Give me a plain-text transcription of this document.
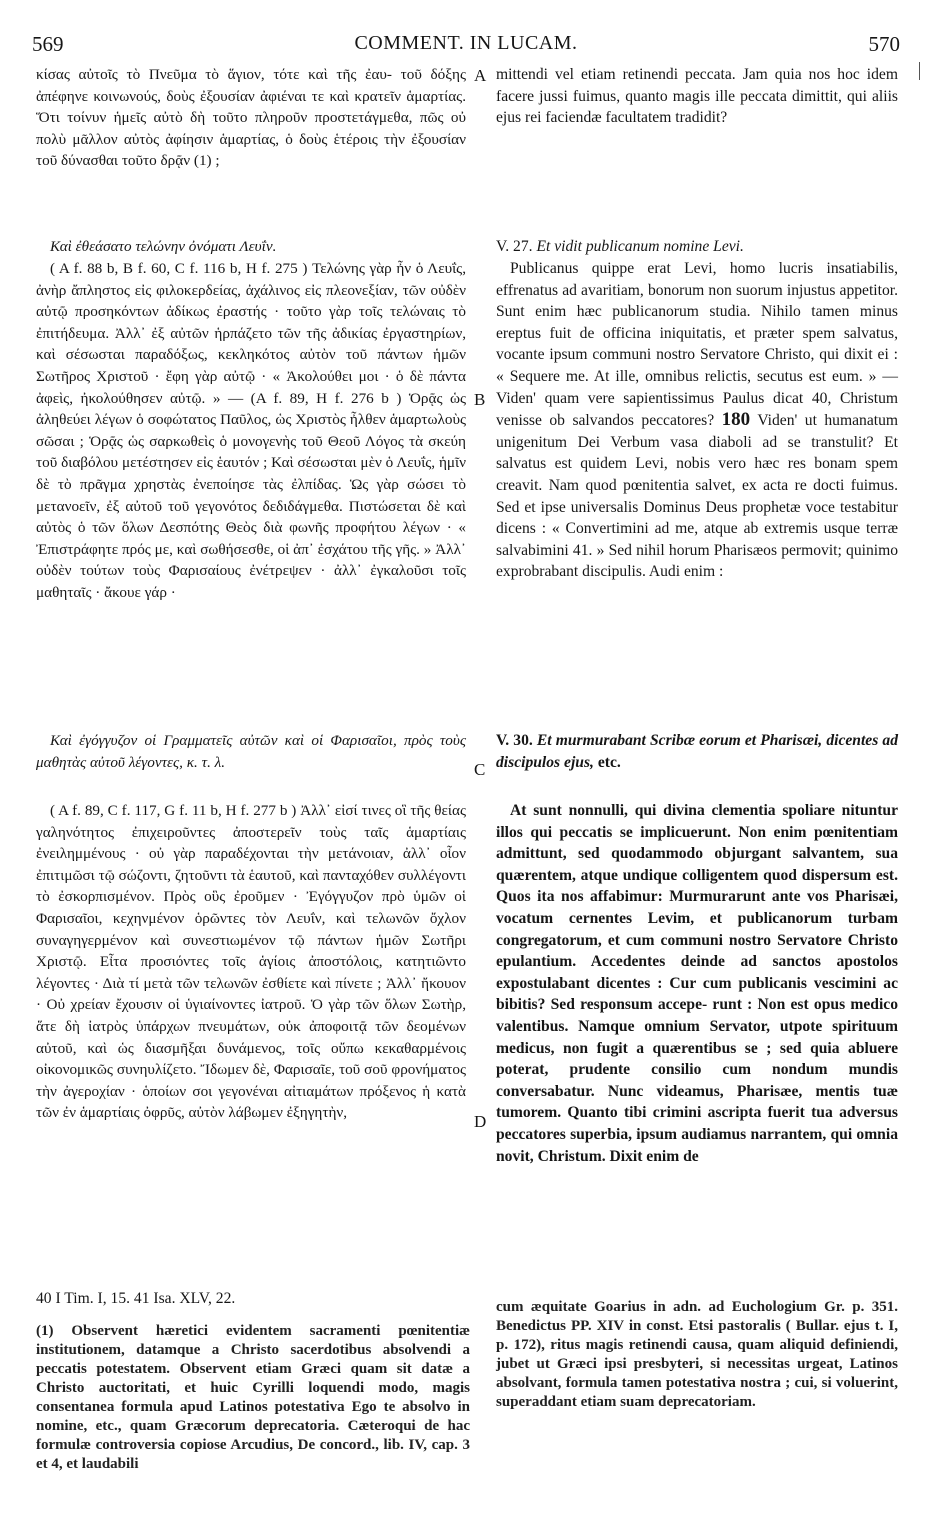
569	COMMENT. IN LUCAM.	570

κίσας αὐτοῖς τὸ Πνεῦμα τὸ ἅγιον, τότε καὶ τῆς ἐαυ- τοῦ δόξης ἀπέφηνε κοινωνούς, δοὺς ἐξουσίαν ἀφιέναι τε καὶ κρατεῖν ἁμαρτίας. Ὅτι τοίνυν ἡμεῖς αὐτὸ δὴ τοῦτο πληροῦν προστετάγμεθα, πῶς οὐ πολὺ μᾶλλον αὐτὸς ἀφίησιν ἁμαρτίας, ὁ δοὺς ἑτέροις τὴν ἐξουσίαν τοῦ δύνασθαι τοῦτο δρᾷν (1) ;

Καὶ ἐθεάσατο τελώνην ὀνόματι Λευΐν.

( A f. 88 b, B f. 60, C f. 116 b, H f. 275 ) Τελώνης γὰρ ἦν ὁ Λευΐς, ἀνὴρ ἄπληστος εἰς φιλοκερδείας, ἀχάλινος εἰς πλεονεξίαν, τῶν οὐδὲν αὐτῷ προσηκόντων ἀδίκως ἐραστής · τοῦτο γὰρ τοῖς τελώναις τὸ ἐπιτήδευμα. Ἀλλ᾽ ἐξ αὐτῶν ἡρπάζετο τῶν τῆς ἀδικίας ἐργαστηρίων, καὶ σέσωσται παραδόξως, κεκληκότος αὐτὸν τοῦ πάντων ἡμῶν Σωτῆρος Χριστοῦ · ἔφη γὰρ αὐτῷ · « Ἀκολούθει μοι · ὁ δὲ πάντα ἀφεὶς, ἠκολούθησεν αὐτῷ. » — (A f. 89, H f. 276 b ) Ὁρᾷς ὡς ἀληθεύει λέγων ὁ σοφώτατος Παῦλος, ὡς Χριστὸς ἦλθεν ἁμαρτωλοὺς σῶσαι ; Ὁρᾷς ὡς σαρκωθεὶς ὁ μονογενὴς τοῦ Θεοῦ Λόγος τὰ σκεύη τοῦ διαβόλου μετέστησεν εἰς ἑαυτόν ; Καὶ σέσωσται μὲν ὁ Λευΐς, ἡμῖν δὲ τὸ πρᾶγμα χρηστὰς ἐνεποίησε τὰς ἐλπίδας. Ὡς γὰρ σώσει τὸ μετανοεῖν, ἐξ αὐτοῦ τοῦ γεγονότος δεδιδάγμεθα. Πιστώσεται δὲ καὶ αὐτὸς ὁ τῶν ὅλων Δεσπότης Θεὸς διὰ φωνῆς προφήτου λέγων · « Ἐπιστράφητε πρός με, καὶ σωθήσεσθε, οἱ ἀπ᾽ ἐσχάτου τῆς γῆς. » Ἀλλ᾽ οὐδὲν τούτων τοὺς Φαρισαίους ἐνέτρεψεν · ἀλλ᾽ ἐγκαλοῦσι τοῖς μαθηταῖς · ἄκουε γάρ ·

Καὶ ἐγόγγυζον οἱ Γραμματεῖς αὐτῶν καὶ οἱ Φαρισαῖοι, πρὸς τοὺς μαθητὰς αὐτοῦ λέγοντες, κ. τ. λ.

( A f. 89, C f. 117, G f. 11 b, H f. 277 b ) Ἀλλ᾽ εἰσί τινες οἳ τῆς θείας γαληνότητος ἐπιχειροῦντες ἀποστερεῖν τοὺς ταῖς ἁμαρτίαις ἐνειλημμένους · οὐ γὰρ παραδέχονται τὴν μετάνοιαν, ἀλλ᾽ οἷον ἐπιτιμῶσι τῷ σώζοντι, ζητοῦντι τὰ ἑαυτοῦ, καὶ πανταχόθεν συλλέγοντι τὸ ἐσκορπισμένον. Πρὸς οὓς ἐροῦμεν · Ἐγόγγυζον πρὸ ὑμῶν οἱ Φαρισαῖοι, κεχηνμένον ὁρῶντες τὸν Λευΐν, καὶ τελωνῶν ὄχλον συναγηγερμένον καὶ συνεστιωμένον τῷ πάντων ἡμῶν Σωτῆρι Χριστῷ. Εἶτα προσιόντες τοῖς ἁγίοις ἀποστόλοις, κατητιῶντο λέγοντες · Διὰ τί μετὰ τῶν τελωνῶν ἐσθίετε καὶ πίνετε ; Ἀλλ᾽ ἤκουον · Οὐ χρείαν ἔχουσιν οἱ ὑγιαίνοντες ἰατροῦ. Ὁ γὰρ τῶν ὅλων Σωτὴρ, ἅτε δὴ ἰατρὸς ὑπάρχων πνευμάτων, οὐκ ἀποφοιτᾷ τῶν δεομένων αὐτοῦ, καὶ ὡς διασμῆξαι δυνάμενος, τοῖς οὔπω κεκαθαρμένοις οἰκονομικῶς συνηυλίζετο. Ἴδωμεν δὲ, Φαρισαῖε, τοῦ σοῦ φρονήματος τὴν ἀγεροχίαν · ὁποίων σοι γεγονέναι αἰτιαμάτων πρόξενος ἡ κατὰ τῶν ἐν ἁμαρτίαις ὀφρῦς, αὐτὸν λάβωμεν ἐξηγητὴν,

A
B
C
D

mittendi vel etiam retinendi peccata. Jam quia nos hoc idem facere jussi fuimus, quanto magis ille peccata dimittit, qui aliis ejus rei faciendæ facultatem tradidit?

V. 27. Et vidit publicanum nomine Levi.

Publicanus quippe erat Levi, homo lucris insatiabilis, effrenatus ad avaritiam, bonorum non suorum injustus appetitor. Sunt enim hæc publicanorum studia. Nihilo tamen minus ereptus fuit de officina iniquitatis, et præter spem salvatus, vocante ipsum communi nostro Servatore Christo, qui dixit ei : « Sequere me. At ille, omnibus relictis, secutus est eum. » — Viden' quam vere sapientissimus Paulus dicat 40, Christum venisse ob salvandos peccatores? 180 Viden' ut humanatum unigenitum Dei Verbum vasa diaboli ad se transtulit? Et salvatus est quidem Levi, nobis vero hæc res bonam spem creavit. Nam quod pœnitentia salvet, ex acta re docti fuimus. Sed et ipse universalis Dominus Deus prophetæ voce testabitur dicens : « Convertimini ad me, atque ab extremis usque terræ salvabimini 41. » Sed nihil horum Pharisæos permovit; quinimo exprobrabant discipulis. Audi enim :

V. 30. Et murmurabant Scribæ eorum et Pharisæi, dicentes ad discipulos ejus, etc.

At sunt nonnulli, qui divina clementia spoliare nituntur illos qui peccatis se implicuerunt. Non enim pœnitentiam admittunt, sed quodammodo objurgant salvantem, sua quærentem, atque undique colligentem quod dispersum est. Quos ita nos affabimur: Murmurarunt ante vos Pharisæi, vocatum cernentes Levim, et publicanorum turbam congregatorum, et cum communi nostro Servatore Christo epulantium. Accedentes deinde ad sanctos apostolos expostulabant dicentes : Cur cum publicanis vescimini ac bibitis? Sed responsum accepe- runt : Non est opus medico valentibus. Namque omnium Servator, utpote spirituum medicus, non fugit a quærentibus se ; sed quia abluere poterat, prudente consilio cum nondum mundis conversabatur. Nunc videamus, Pharisæe, mentis tuæ tumorem. Quanto tibi crimini ascripta fuerit tua adversus peccatores superbia, ipsum audiamus narrantem, qui omnia novit, Christum. Dixit enim de

40 I Tim. I, 15. 41 Isa. XLV, 22.

(1) Observent hæretici evidentem sacramenti pœnitentiæ institutionem, datamque a Christo sacerdotibus absolvendi a peccatis potestatem. Observent etiam Græci quam sit datæ a Christo auctoritati, et huic Cyrilli loquendi modo, magis consentanea formula apud Latinos potestativa Ego te absolvo in nomine, etc., quam Græcorum deprecatoria. Cæteroqui de hac formulæ controversia copiose Arcudius, De concord., lib. IV, cap. 3 et 4, et laudabili

cum æquitate Goarius in adn. ad Euchologium Gr. p. 351. Benedictus PP. XIV in const. Etsi pastoralis ( Bullar. ejus t. I, p. 172), ritus magis retinendi causa, quam aliquid definiendi, jubet ut Græci ipsi presbyteri, si necessitas urgeat, Latinos absolvant, formula tamen potestativa nostra ; cui, si voluerint, superaddant etiam suam deprecatoriam.
